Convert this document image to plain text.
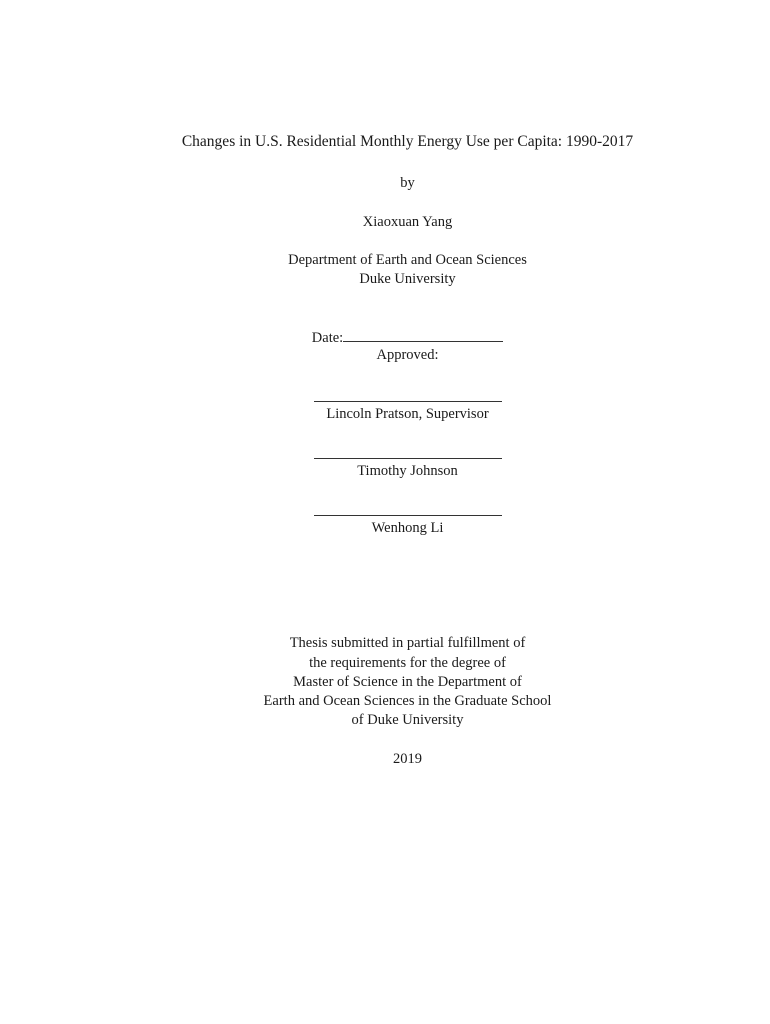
Changes in U.S. Residential Monthly Energy Use per Capita: 1990-2017
by
Xiaoxuan Yang
Department of Earth and Ocean Sciences
Duke University
Date:
Approved:
Lincoln Pratson, Supervisor
Timothy Johnson
Wenhong Li
Thesis submitted in partial fulfillment of
the requirements for the degree of
Master of Science in the Department of
Earth and Ocean Sciences in the Graduate School
of Duke University
2019
